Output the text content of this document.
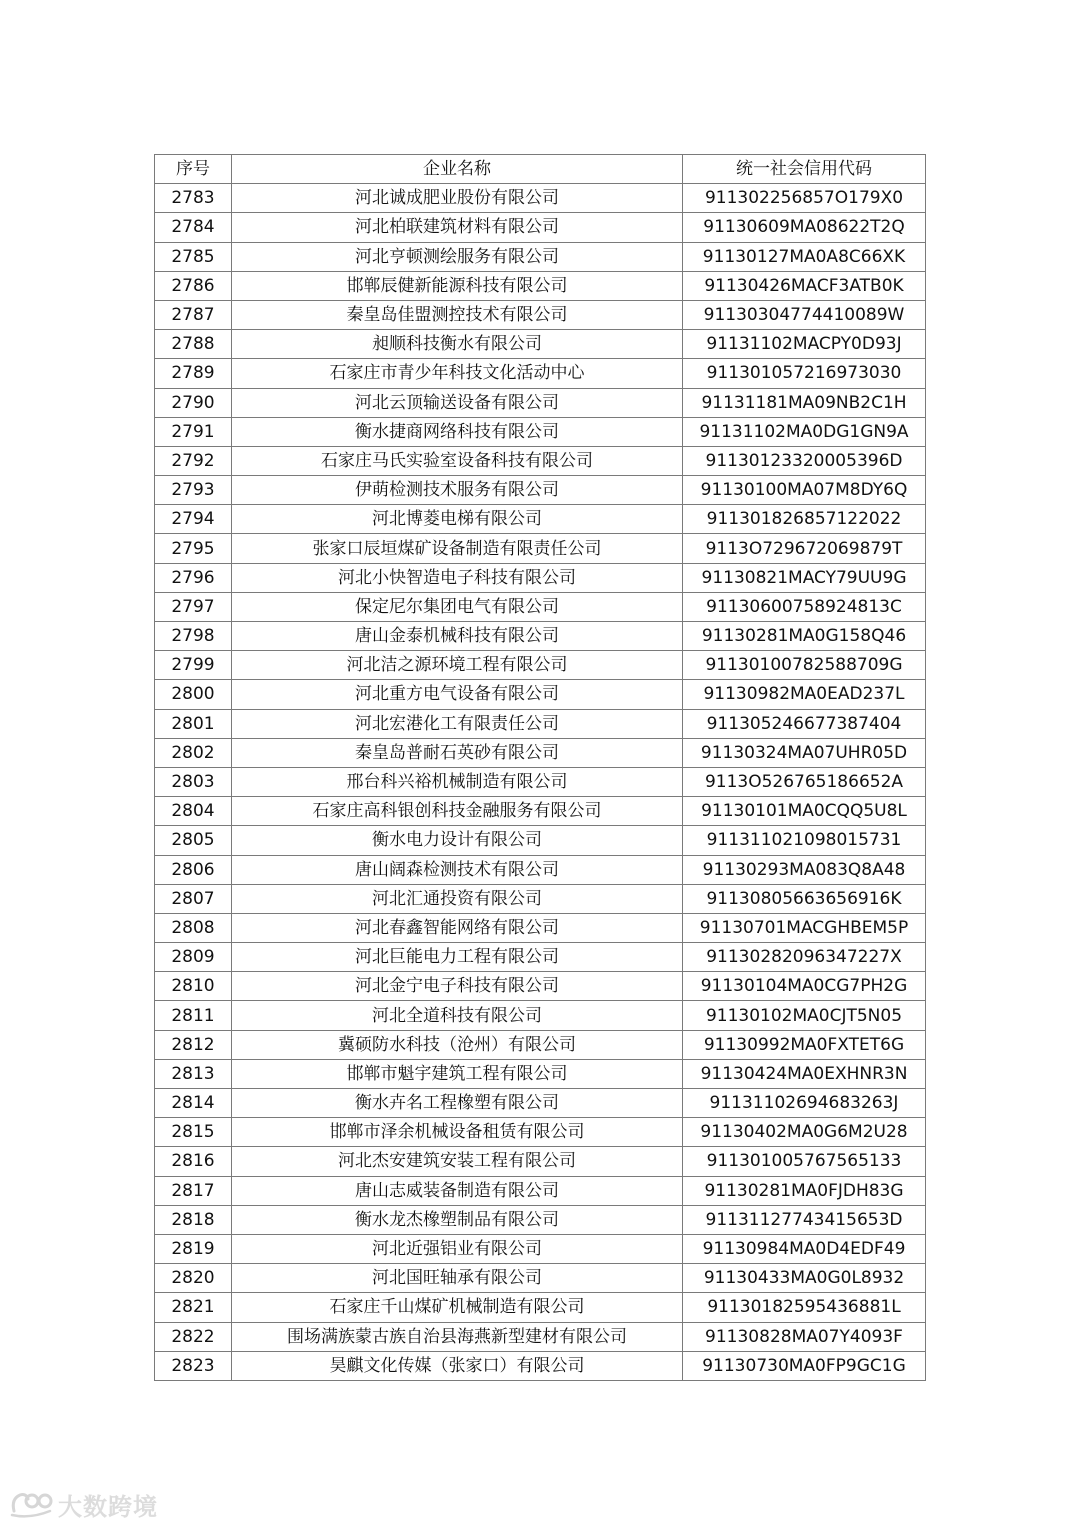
序号	企业名称	统一社会信用代码
2783	河北诚成肥业股份有限公司	911302256857O179X0
2784	河北柏联建筑材料有限公司	91130609MA08622T2Q
2785	河北亨顿测绘服务有限公司	91130127MA0A8C66XK
2786	邯郸辰健新能源科技有限公司	91130426MACF3ATB0K
2787	秦皇岛佳盟测控技术有限公司	91130304774410089W
2788	昶顺科技衡水有限公司	91131102MACPY0D93J
2789	石家庄市青少年科技文化活动中心	911301057216973030
2790	河北云顶输送设备有限公司	91131181MA09NB2C1H
2791	衡水捷商网络科技有限公司	91131102MA0DG1GN9A
2792	石家庄马氏实验室设备科技有限公司	91130123320005396D
2793	伊萌检测技术服务有限公司	91130100MA07M8DY6Q
2794	河北博菱电梯有限公司	911301826857122022
2795	张家口辰垣煤矿设备制造有限责任公司	9113O729672069879T
2796	河北小快智造电子科技有限公司	91130821MACY79UU9G
2797	保定尼尔集团电气有限公司	91130600758924813C
2798	唐山金泰机械科技有限公司	91130281MA0G158Q46
2799	河北洁之源环境工程有限公司	91130100782588709G
2800	河北重方电气设备有限公司	91130982MA0EAD237L
2801	河北宏港化工有限责任公司	911305246677387404
2802	秦皇岛普耐石英砂有限公司	91130324MA07UHR05D
2803	邢台科兴裕机械制造有限公司	9113O526765186652A
2804	石家庄高科银创科技金融服务有限公司	91130101MA0CQQ5U8L
2805	衡水电力设计有限公司	911311021098015731
2806	唐山阔森检测技术有限公司	91130293MA083Q8A48
2807	河北汇通投资有限公司	91130805663656916K
2808	河北春鑫智能网络有限公司	91130701MACGHBEM5P
2809	河北巨能电力工程有限公司	91130282096347227X
2810	河北金宁电子科技有限公司	91130104MA0CG7PH2G
2811	河北全道科技有限公司	91130102MA0CJT5N05
2812	冀硕防水科技（沧州）有限公司	91130992MA0FXTET6G
2813	邯郸市魁宇建筑工程有限公司	91130424MA0EXHNR3N
2814	衡水卉名工程橡塑有限公司	91131102694683263J
2815	邯郸市泽余机械设备租赁有限公司	91130402MA0G6M2U28
2816	河北杰安建筑安装工程有限公司	911301005767565133
2817	唐山志威装备制造有限公司	91130281MA0FJDH83G
2818	衡水龙杰橡塑制品有限公司	91131127743415653D
2819	河北近强铝业有限公司	91130984MA0D4EDF49
2820	河北国旺轴承有限公司	91130433MA0G0L8932
2821	石家庄千山煤矿机械制造有限公司	91130182595436881L
2822	围场满族蒙古族自治县海燕新型建材有限公司	91130828MA07Y4093F
2823	昊麒文化传媒（张家口）有限公司	91130730MA0FP9GC1G
大数跨境
